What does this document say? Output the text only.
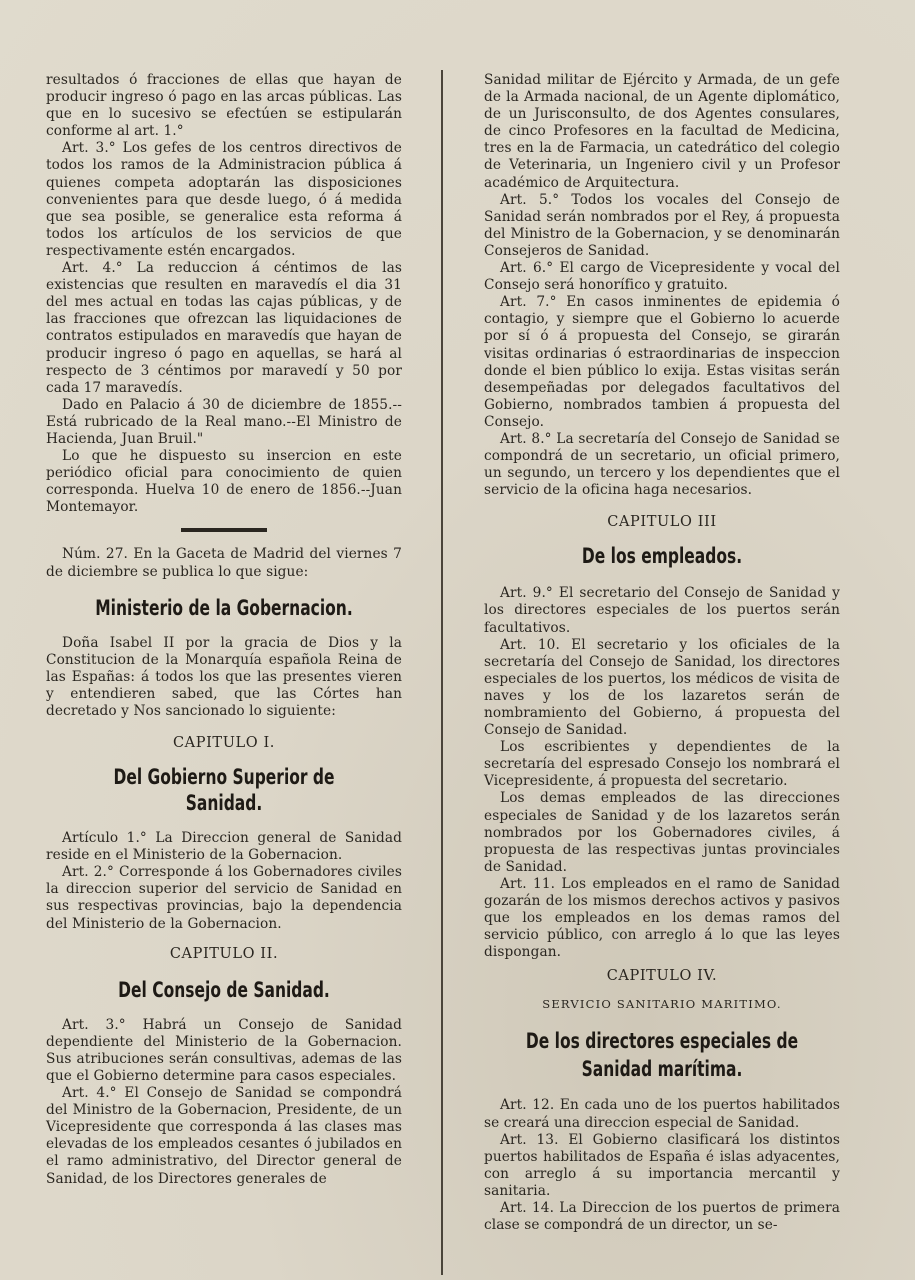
resultados ó fracciones de ellas que hayan de producir ingreso ó pago en las arcas públicas. Las que en lo sucesivo se efectúen se estipularán conforme al art. 1.°

Art. 3.° Los gefes de los centros directivos de todos los ramos de la Administracion pública á quienes competa adoptarán las disposiciones convenientes para que desde luego, ó á medida que sea posible, se generalice esta reforma á todos los artículos de los servicios de que respectivamente estén encargados.

Art. 4.° La reduccion á céntimos de las existencias que resulten en maravedís el dia 31 del mes actual en todas las cajas públicas, y de las fracciones que ofrezcan las liquidaciones de contratos estipulados en maravedís que hayan de producir ingreso ó pago en aquellas, se hará al respecto de 3 céntimos por maravedí y 50 por cada 17 maravedís.

Dado en Palacio á 30 de diciembre de 1855.--Está rubricado de la Real mano.--El Ministro de Hacienda, Juan Bruil."

Lo que he dispuesto su insercion en este periódico oficial para conocimiento de quien corresponda. Huelva 10 de enero de 1856.--Juan Montemayor.

Núm. 27. En la Gaceta de Madrid del viernes 7 de diciembre se publica lo que sigue:

Ministerio de la Gobernacion.

Doña Isabel II por la gracia de Dios y la Constitucion de la Monarquía española Reina de las Españas: á todos los que las presentes vieren y entendieren sabed, que las Córtes han decretado y Nos sancionado lo siguiente:

CAPITULO I.

Del Gobierno Superior de Sanidad.

Artículo 1.° La Direccion general de Sanidad reside en el Ministerio de la Gobernacion.

Art. 2.° Corresponde á los Gobernadores civiles la direccion superior del servicio de Sanidad en sus respectivas provincias, bajo la dependencia del Ministerio de la Gobernacion.

CAPITULO II.

Del Consejo de Sanidad.

Art. 3.° Habrá un Consejo de Sanidad dependiente del Ministerio de la Gobernacion. Sus atribuciones serán consultivas, ademas de las que el Gobierno determine para casos especiales.

Art. 4.° El Consejo de Sanidad se compondrá del Ministro de la Gobernacion, Presidente, de un Vicepresidente que corresponda á las clases mas elevadas de los empleados cesantes ó jubilados en el ramo administrativo, del Director general de Sanidad, de los Directores generales de

Sanidad militar de Ejército y Armada, de un gefe de la Armada nacional, de un Agente diplomático, de un Jurisconsulto, de dos Agentes consulares, de cinco Profesores en la facultad de Medicina, tres en la de Farmacia, un catedrático del colegio de Veterinaria, un Ingeniero civil y un Profesor académico de Arquitectura.

Art. 5.° Todos los vocales del Consejo de Sanidad serán nombrados por el Rey, á propuesta del Ministro de la Gobernacion, y se denominarán Consejeros de Sanidad.

Art. 6.° El cargo de Vicepresidente y vocal del Consejo será honorífico y gratuito.

Art. 7.° En casos inminentes de epidemia ó contagio, y siempre que el Gobierno lo acuerde por sí ó á propuesta del Consejo, se girarán visitas ordinarias ó estraordinarias de inspeccion donde el bien público lo exija. Estas visitas serán desempeñadas por delegados facultativos del Gobierno, nombrados tambien á propuesta del Consejo.

Art. 8.° La secretaría del Consejo de Sanidad se compondrá de un secretario, un oficial primero, un segundo, un tercero y los dependientes que el servicio de la oficina haga necesarios.

CAPITULO III

De los empleados.

Art. 9.° El secretario del Consejo de Sanidad y los directores especiales de los puertos serán facultativos.

Art. 10. El secretario y los oficiales de la secretaría del Consejo de Sanidad, los directores especiales de los puertos, los médicos de visita de naves y los de los lazaretos serán de nombramiento del Gobierno, á propuesta del Consejo de Sanidad.

Los escribientes y dependientes de la secretaría del espresado Consejo los nombrará el Vicepresidente, á propuesta del secretario.

Los demas empleados de las direcciones especiales de Sanidad y de los lazaretos serán nombrados por los Gobernadores civiles, á propuesta de las respectivas juntas provinciales de Sanidad.

Art. 11. Los empleados en el ramo de Sanidad gozarán de los mismos derechos activos y pasivos que los empleados en los demas ramos del servicio público, con arreglo á lo que las leyes dispongan.

CAPITULO IV.

SERVICIO SANITARIO MARITIMO.

De los directores especiales de Sanidad marítima.

Art. 12. En cada uno de los puertos habilitados se creará una direccion especial de Sanidad.

Art. 13. El Gobierno clasificará los distintos puertos habilitados de España é islas adyacentes, con arreglo á su importancia mercantil y sanitaria.

Art. 14. La Direccion de los puertos de primera clase se compondrá de un director, un se-
